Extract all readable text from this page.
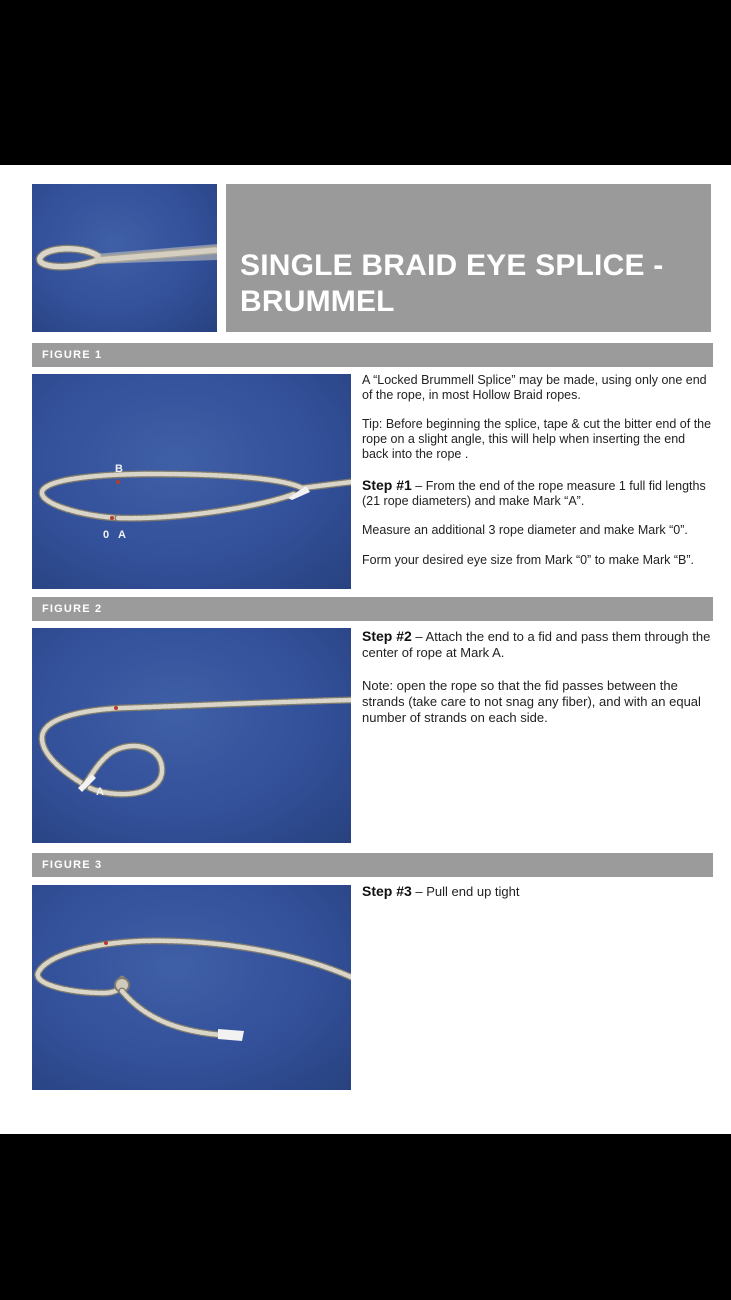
SINGLE BRAID EYE SPLICE -
BRUMMEL
FIGURE 1
B
0 A

A “Locked Brummell Splice” may be made, using only one end of the rope, in most Hollow Braid ropes.

Tip: Before beginning the splice, tape & cut the bitter end of the rope on a slight angle, this will help when inserting the end back into the rope .

Step #1 – From the end of the rope measure 1 full fid lengths (21 rope diameters) and make Mark “A”.

Measure an additional 3 rope diameter and make Mark “0”.

Form your desired eye size from Mark “0” to make Mark “B”.

FIGURE 2
A

Step #2 – Attach the end to a fid and pass them through the center of rope at Mark A.

Note: open the rope so that the fid passes between the strands (take care to not snag any fiber), and with an equal number of strands on each side.

FIGURE 3

Step #3 – Pull end up tight
